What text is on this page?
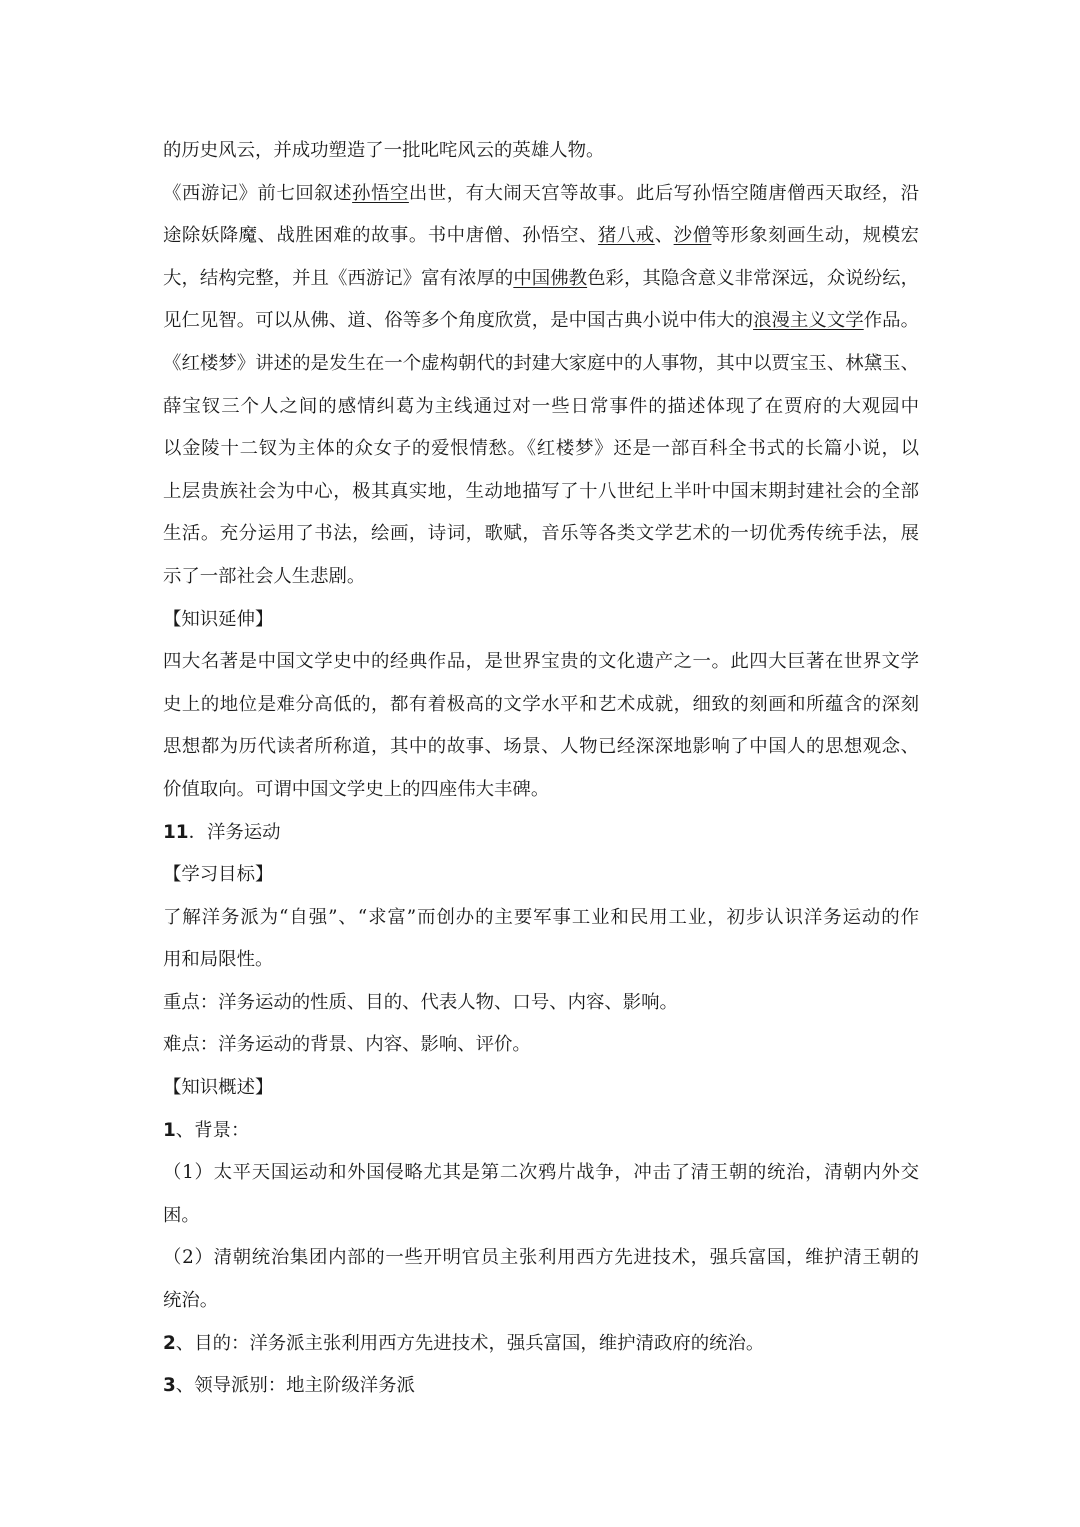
的历史风云，并成功塑造了一批叱咤风云的英雄人物。
《西游记》前七回叙述孙悟空出世，有大闹天宫等故事。此后写孙悟空随唐僧西天取经，沿
途除妖降魔、战胜困难的故事。书中唐僧、孙悟空、猪八戒、沙僧等形象刻画生动，规模宏
大，结构完整，并且《西游记》富有浓厚的中国佛教色彩，其隐含意义非常深远，众说纷纭，
见仁见智。可以从佛、道、俗等多个角度欣赏，是中国古典小说中伟大的浪漫主义文学作品。
《红楼梦》讲述的是发生在一个虚构朝代的封建大家庭中的人事物，其中以贾宝玉、林黛玉、
薛宝钗三个人之间的感情纠葛为主线通过对一些日常事件的描述体现了在贾府的大观园中
以金陵十二钗为主体的众女子的爱恨情愁。《红楼梦》还是一部百科全书式的长篇小说，以
上层贵族社会为中心，极其真实地，生动地描写了十八世纪上半叶中国末期封建社会的全部
生活。充分运用了书法，绘画，诗词，歌赋，音乐等各类文学艺术的一切优秀传统手法，展
示了一部社会人生悲剧。
【知识延伸】
四大名著是中国文学史中的经典作品，是世界宝贵的文化遗产之一。此四大巨著在世界文学
史上的地位是难分高低的，都有着极高的文学水平和艺术成就，细致的刻画和所蕴含的深刻
思想都为历代读者所称道，其中的故事、场景、人物已经深深地影响了中国人的思想观念、
价值取向。可谓中国文学史上的四座伟大丰碑。
11．洋务运动
【学习目标】
了解洋务派为“自强”、“求富”而创办的主要军事工业和民用工业，初步认识洋务运动的作
用和局限性。
重点：洋务运动的性质、目的、代表人物、口号、内容、影响。
难点：洋务运动的背景、内容、影响、评价。
【知识概述】
1、背景：
（1）太平天国运动和外国侵略尤其是第二次鸦片战争，冲击了清王朝的统治，清朝内外交
困。
（2）清朝统治集团内部的一些开明官员主张利用西方先进技术，强兵富国，维护清王朝的
统治。
2、目的：洋务派主张利用西方先进技术，强兵富国，维护清政府的统治。
3、领导派别：地主阶级洋务派
